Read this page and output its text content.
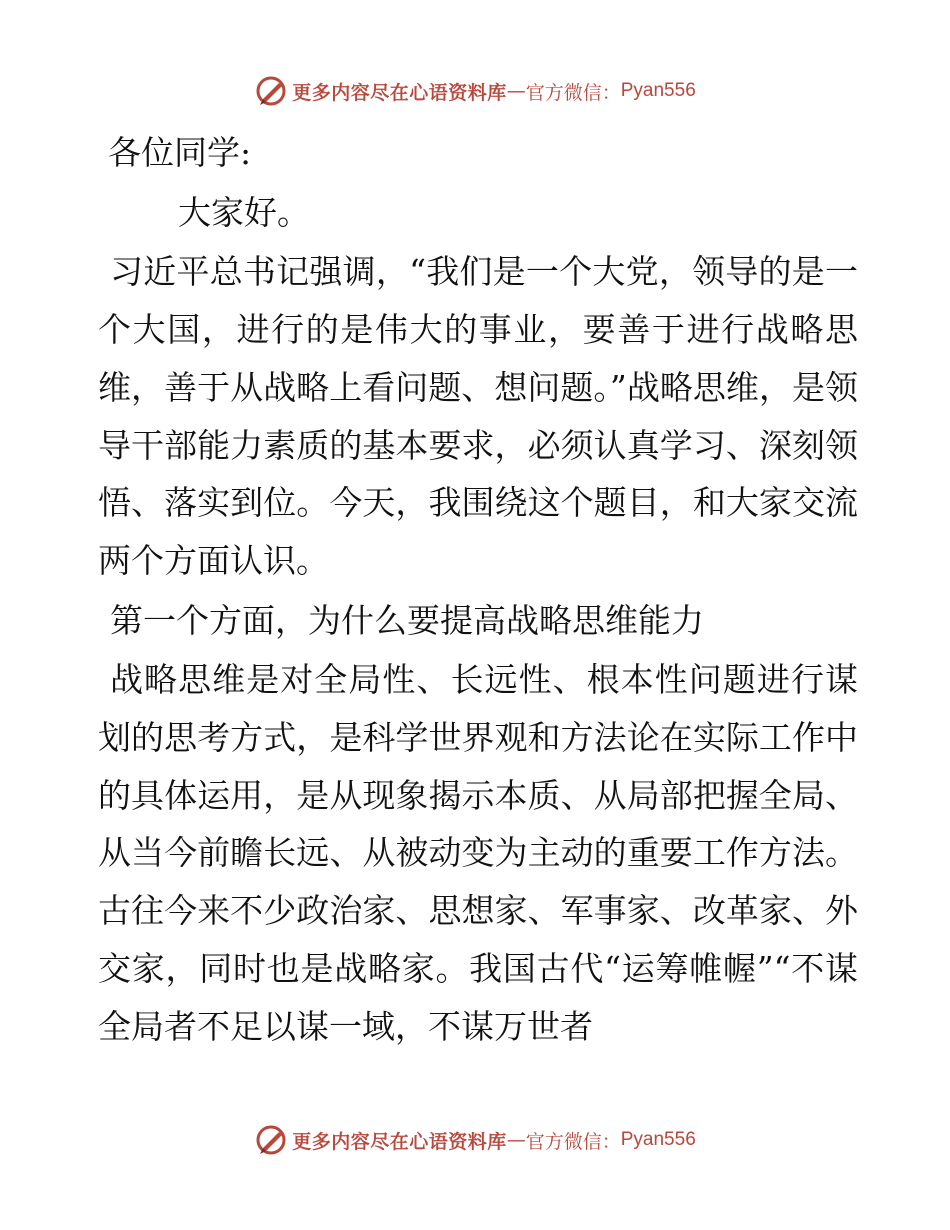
更多内容尽在心语资料库 — 官方微信： Pyan556

各位同学:

大家好。

习近平总书记强调，“我们是一个大党，领导的是一个大国，进行的是伟大的事业，要善于进行战略思维，善于从战略上看问题、想问题。”战略思维，是领导干部能力素质的基本要求，必须认真学习、深刻领悟、落实到位。今天，我围绕这个题目，和大家交流两个方面认识。

第一个方面，为什么要提高战略思维能力

战略思维是对全局性、长远性、根本性问题进行谋划的思考方式，是科学世界观和方法论在实际工作中的具体运用，是从现象揭示本质、从局部把握全局、从当今前瞻长远、从被动变为主动的重要工作方法。古往今来不少政治家、思想家、军事家、改革家、外交家，同时也是战略家。我国古代“运筹帷幄”“不谋全局者不足以谋一域，不谋万世者

更多内容尽在心语资料库 — 官方微信： Pyan556
